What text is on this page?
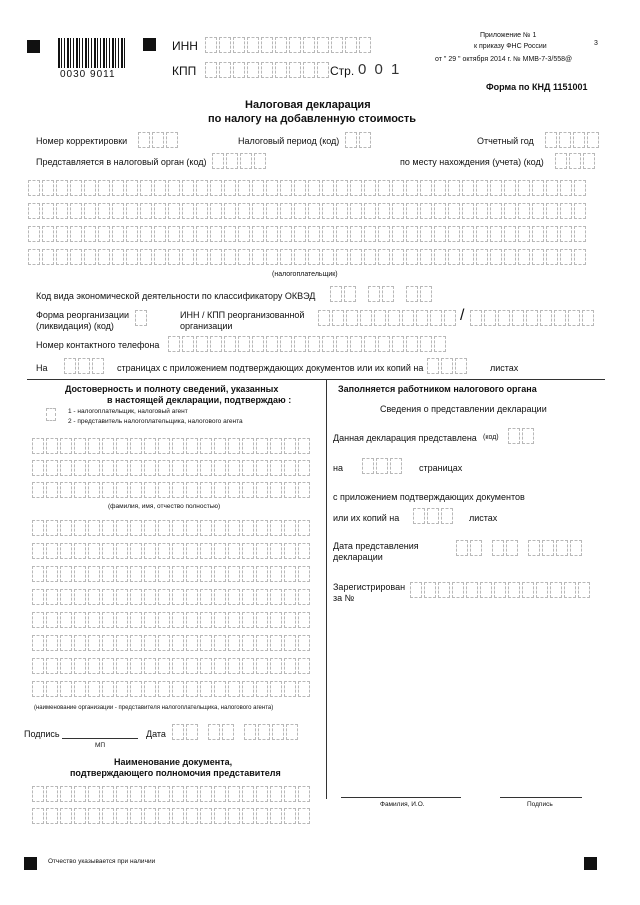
0030 9011
ИНН
КПП	Стр. 0 0 1
Приложение № 1
3
к приказу ФНС России
от " 29 " октября 2014 г. № ММВ-7-3/558@
Форма по КНД 1151001
Налоговая декларация
по налогу на добавленную стоимость
Номер корректировки	Налоговый период (код)	Отчетный год
Представляется в налоговый орган (код)	по месту нахождения (учета) (код)
(налогоплательщик)
Код вида экономической деятельности по классификатору ОКВЭД
Форма реорганизации
(ликвидация) (код)
ИНН / КПП реорганизованной
организации
/
Номер контактного телефона
На	страницах с приложением подтверждающих документов или их копий на	листах
Достоверность и полноту сведений, указанных
в настоящей декларации, подтверждаю :
1 - налогоплательщик, налоговый агент
2 - представитель налогоплательщика, налогового агента
(фамилия, имя, отчество полностью)
(наименование организации - представителя налогоплательщика, налогового агента)
Подпись	Дата
МП
Наименование документа,
подтверждающего полномочия представителя
Заполняется работником налогового органа
Сведения о представлении декларации
Данная декларация представлена (код)
на	страницах
с приложением подтверждающих документов
или их копий на	листах
Дата представления
декларации
Зарегистрирован
за №
Фамилия, И.О.	Подпись
Отчество указывается при наличии
